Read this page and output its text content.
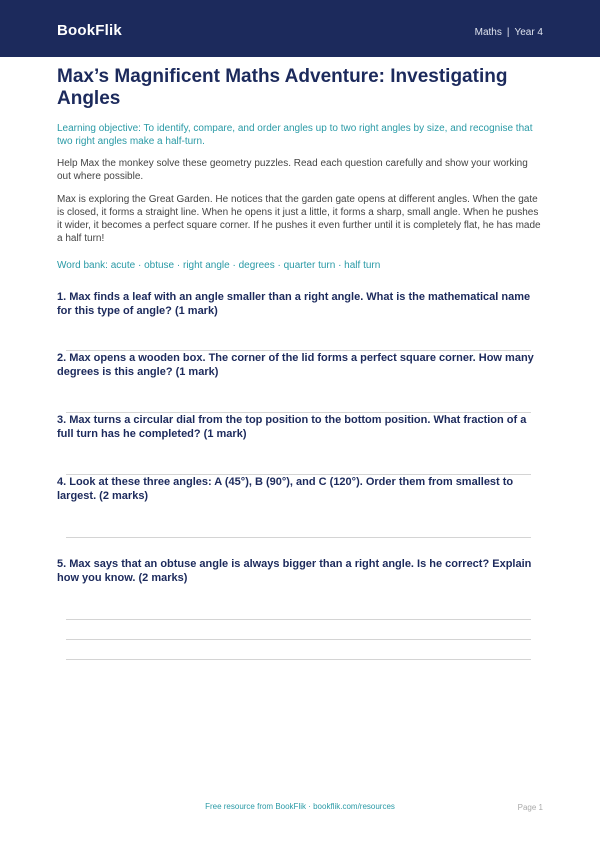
BookFlik	Maths | Year 4
Max’s Magnificent Maths Adventure: Investigating Angles

Learning objective: To identify, compare, and order angles up to two right angles by size, and recognise that two right angles make a half-turn.

Help Max the monkey solve these geometry puzzles. Read each question carefully and show your working out where possible.

Max is exploring the Great Garden. He notices that the garden gate opens at different angles. When the gate is closed, it forms a straight line. When he opens it just a little, it forms a sharp, small angle. When he pushes it wider, it becomes a perfect square corner. If he pushes it even further until it is completely flat, he has made a half turn!

Word bank: acute · obtuse · right angle · degrees · quarter turn · half turn

1. Max finds a leaf with an angle smaller than a right angle. What is the mathematical name for this type of angle? (1 mark)

2. Max opens a wooden box. The corner of the lid forms a perfect square corner. How many degrees is this angle? (1 mark)

3. Max turns a circular dial from the top position to the bottom position. What fraction of a full turn has he completed? (1 mark)

4. Look at these three angles: A (45°), B (90°), and C (120°). Order them from smallest to largest. (2 marks)

5. Max says that an obtuse angle is always bigger than a right angle. Is he correct? Explain how you know. (2 marks)

Free resource from BookFlik · bookflik.com/resources	Page 1
